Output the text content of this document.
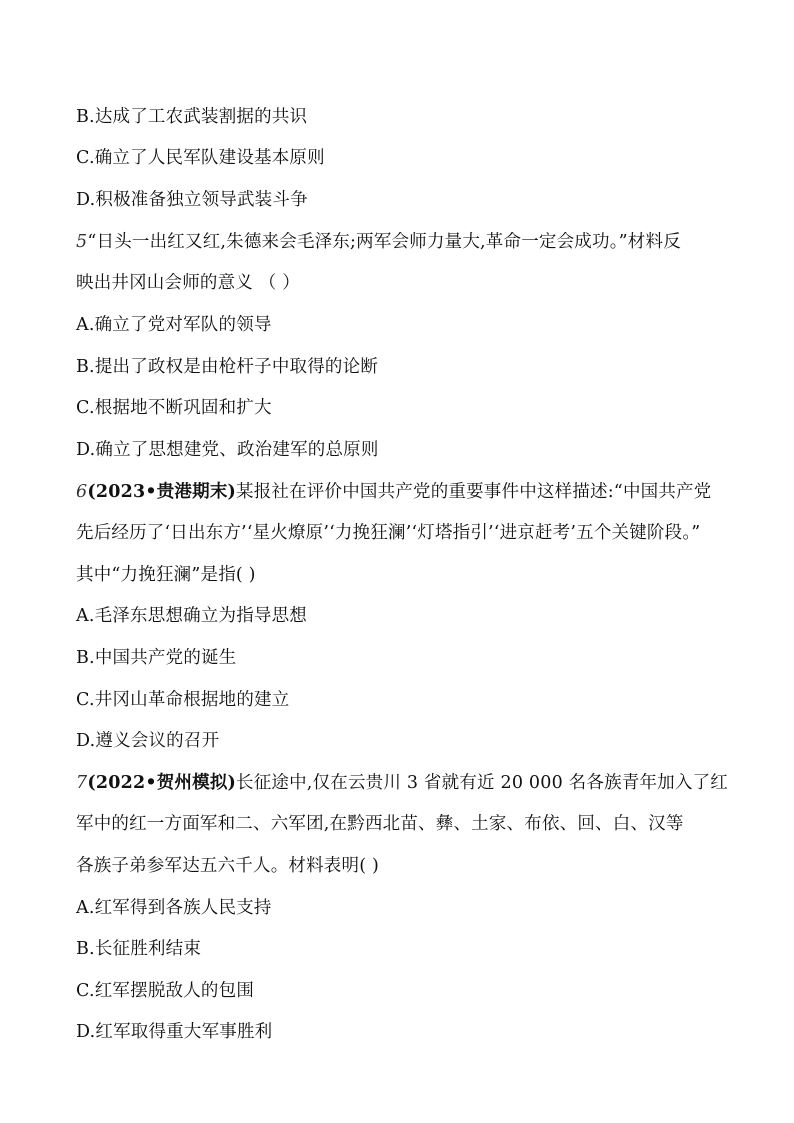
B.达成了工农武装割据的共识
C.确立了人民军队建设基本原则
D.积极准备独立领导武装斗争
5“日头一出红又红,朱德来会毛泽东;两军会师力量大,革命一定会成功。”材料反
映出井冈山会师的意义 （ ）
A.确立了党对军队的领导
B.提出了政权是由枪杆子中取得的论断
C.根据地不断巩固和扩大
D.确立了思想建党、政治建军的总原则
6(2023•贵港期末)某报社在评价中国共产党的重要事件中这样描述:“中国共产党
先后经历了‘日出东方’‘星火燎原’‘力挽狂澜’‘灯塔指引’‘进京赶考’五个关键阶段。”
其中“力挽狂澜”是指( )
A.毛泽东思想确立为指导思想
B.中国共产党的诞生
C.井冈山革命根据地的建立
D.遵义会议的召开
7(2022•贺州模拟)长征途中,仅在云贵川 3 省就有近 20 000 名各族青年加入了红
军中的红一方面军和二、六军团,在黔西北苗、彝、土家、布依、回、白、汉等
各族子弟参军达五六千人。材料表明( )
A.红军得到各族人民支持
B.长征胜利结束
C.红军摆脱敌人的包围
D.红军取得重大军事胜利
